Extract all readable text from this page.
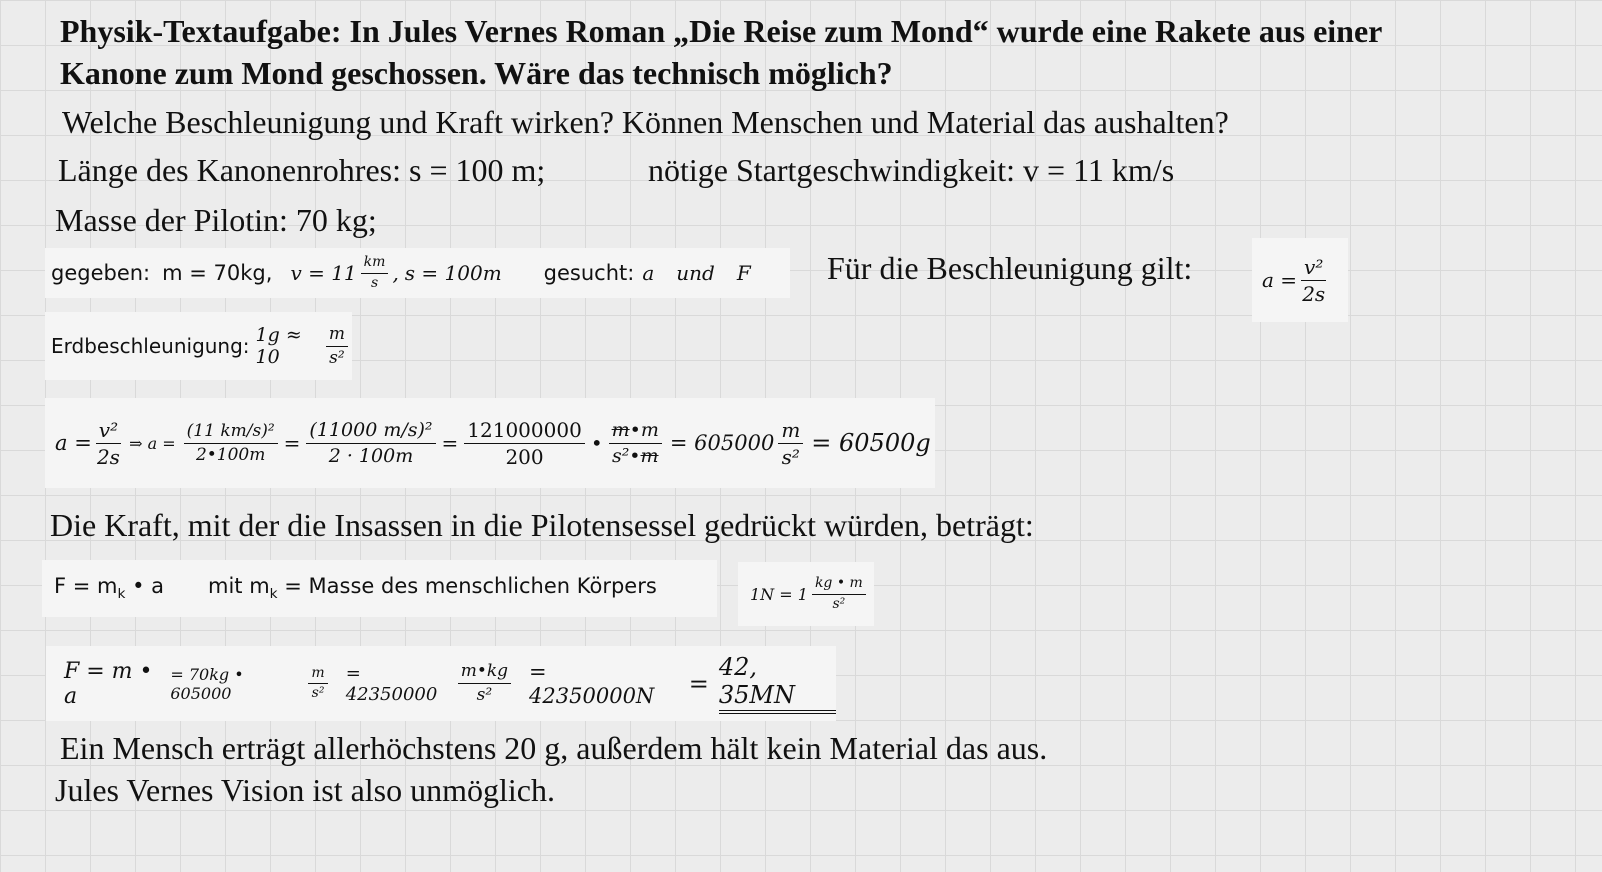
Physik-Textaufgabe: In Jules Vernes Roman „Die Reise zum Mond“ wurde eine Rakete aus einer
Kanone zum Mond geschossen. Wäre das technisch möglich?
Welche Beschleunigung und Kraft wirken? Können Menschen und Material das aushalten?
Länge des Kanonenrohres: s = 100 m;	nötige Startgeschwindigkeit: v = 11 km/s
Masse der Pilotin: 70 kg;
gegeben: m = 70kg, $v = 11 \frac{km}{s}$ , s = 100m gesucht: a und F Für die Beschleunigung gilt:	$a = \frac{\text{v²}}{2s}$
Erdbeschleunigung: 1g ≈ 10	$\frac{m}{\text{s²}}$
$a = \frac{\text{v²}}{2s}$ ⇒ $a = \frac{\text{(11 km/s)²}}{2•100m} = \frac{\text{(11000 m/s)²}}{2 \cdot 100m} = \frac{121000000}{200}$ • $\frac{m•m}{\text{s²•m}} = 605000 \frac{m}{\text{s²}} = 60500g$
Die Kraft, mit der die Insassen in die Pilotensessel gedrückt würden, beträgt:
$F = m_k$ • a mit $m_k$ = Masse des menschlichen Körpers	$1N = 1 \frac{kg • m}{\text{s²}}$
F = m • a
= 70kg • 605000	$\frac{m}{\text{s²}} = 42350000$	$\frac{m•kg}{\text{s²}} = 42350000N$	=
42, 35MN
Ein Mensch erträgt allerhöchstens 20 g, außerdem hält kein Material das aus.
Jules Vernes Vision ist also unmöglich.
